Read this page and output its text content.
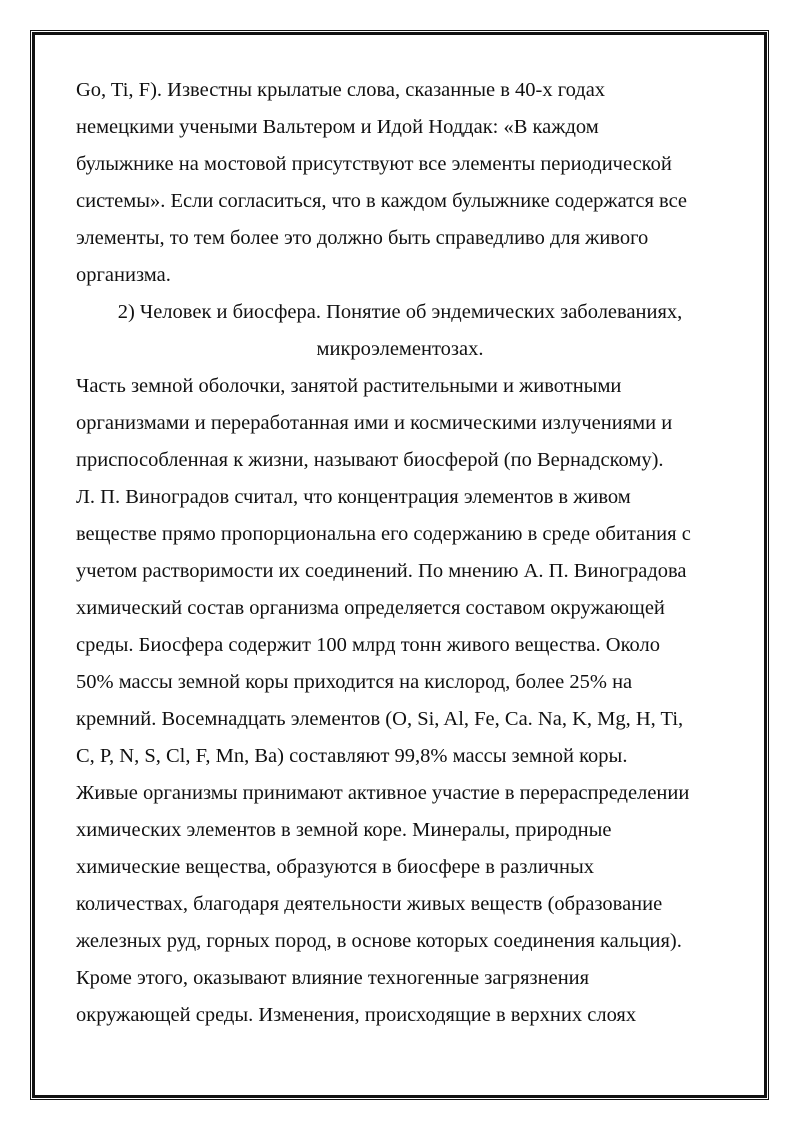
Go, Ti, F). Известны крылатые слова, сказанные в 40-х годах
немецкими учеными Вальтером и Идой Ноддак: «В каждом
булыжнике на мостовой присутствуют все элементы периодической
системы». Если согласиться, что в каждом булыжнике содержатся все
элементы, то тем более это должно быть справедливо для живого
организма.
2) Человек и биосфера. Понятие об эндемических заболеваниях,
микроэлементозах.
Часть земной оболочки, занятой растительными и животными
организмами и переработанная ими и космическими излучениями и
приспособленная к жизни, называют биосферой (по Вернадскому).
Л. П. Виноградов считал, что концентрация элементов в живом
веществе прямо пропорциональна его содержанию в среде обитания с
учетом растворимости их соединений. По мнению А. П. Виноградова
химический состав организма определяется составом окружающей
среды. Биосфера содержит 100 млрд тонн живого вещества. Около
50% массы земной коры приходится на кислород, более 25% на
кремний. Восемнадцать элементов (O, Si, Al, Fe, Ca. Na, K, Mg, H, Ti,
C, P, N, S, Cl, F, Mn, Ba) составляют 99,8% массы земной коры.
Живые организмы принимают активное участие в перераспределении
химических элементов в земной коре. Минералы, природные
химические вещества, образуются в биосфере в различных
количествах, благодаря деятельности живых веществ (образование
железных руд, горных пород, в основе которых соединения кальция).
Кроме этого, оказывают влияние техногенные загрязнения
окружающей среды. Изменения, происходящие в верхних слоях
